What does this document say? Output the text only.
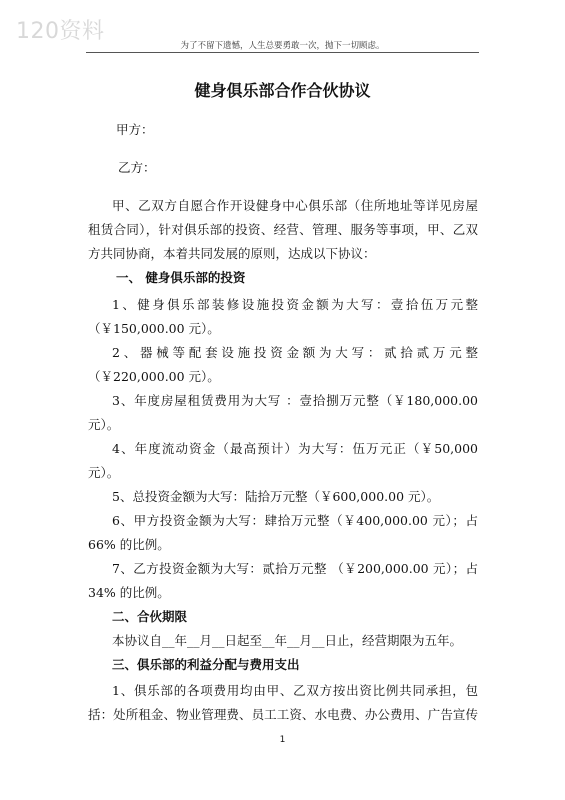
120资料
为了不留下遗憾，人生总要勇敢一次，抛下一切顾虑。
健身俱乐部合作合伙协议
甲方：
乙方：
甲、乙双方自愿合作开设健身中心俱乐部（住所地址等详见房屋
租赁合同），针对俱乐部的投资、经营、管理、服务等事项，甲、乙双
方共同协商，本着共同发展的原则，达成以下协议：
一、 健身俱乐部的投资
1、健身俱乐部装修设施投资金额为大写：壹拾伍万元整
（￥150,000.00 元）。
2、器械等配套设施投资金额为大写：贰拾贰万元整
（￥220,000.00 元）。
3、年度房屋租赁费用为大写 ：壹拾捌万元整（￥180,000.00
元）。
4、年度流动资金（最高预计）为大写：伍万元正（￥50,000
元）。
5、总投资金额为大写：陆拾万元整（￥600,000.00 元）。
6、甲方投资金额为大写：肆拾万元整（￥400,000.00 元）；占
66% 的比例。
7、乙方投资金额为大写：贰拾万元整 （￥200,000.00 元）；占
34% 的比例。
二、合伙期限
本协议自__年__月__日起至__年__月__日止，经营期限为五年。
三、俱乐部的利益分配与费用支出
1、俱乐部的各项费用均由甲、乙双方按出资比例共同承担，包
括：处所租金、物业管理费、员工工资、水电费、办公费用、广告宣传
1
